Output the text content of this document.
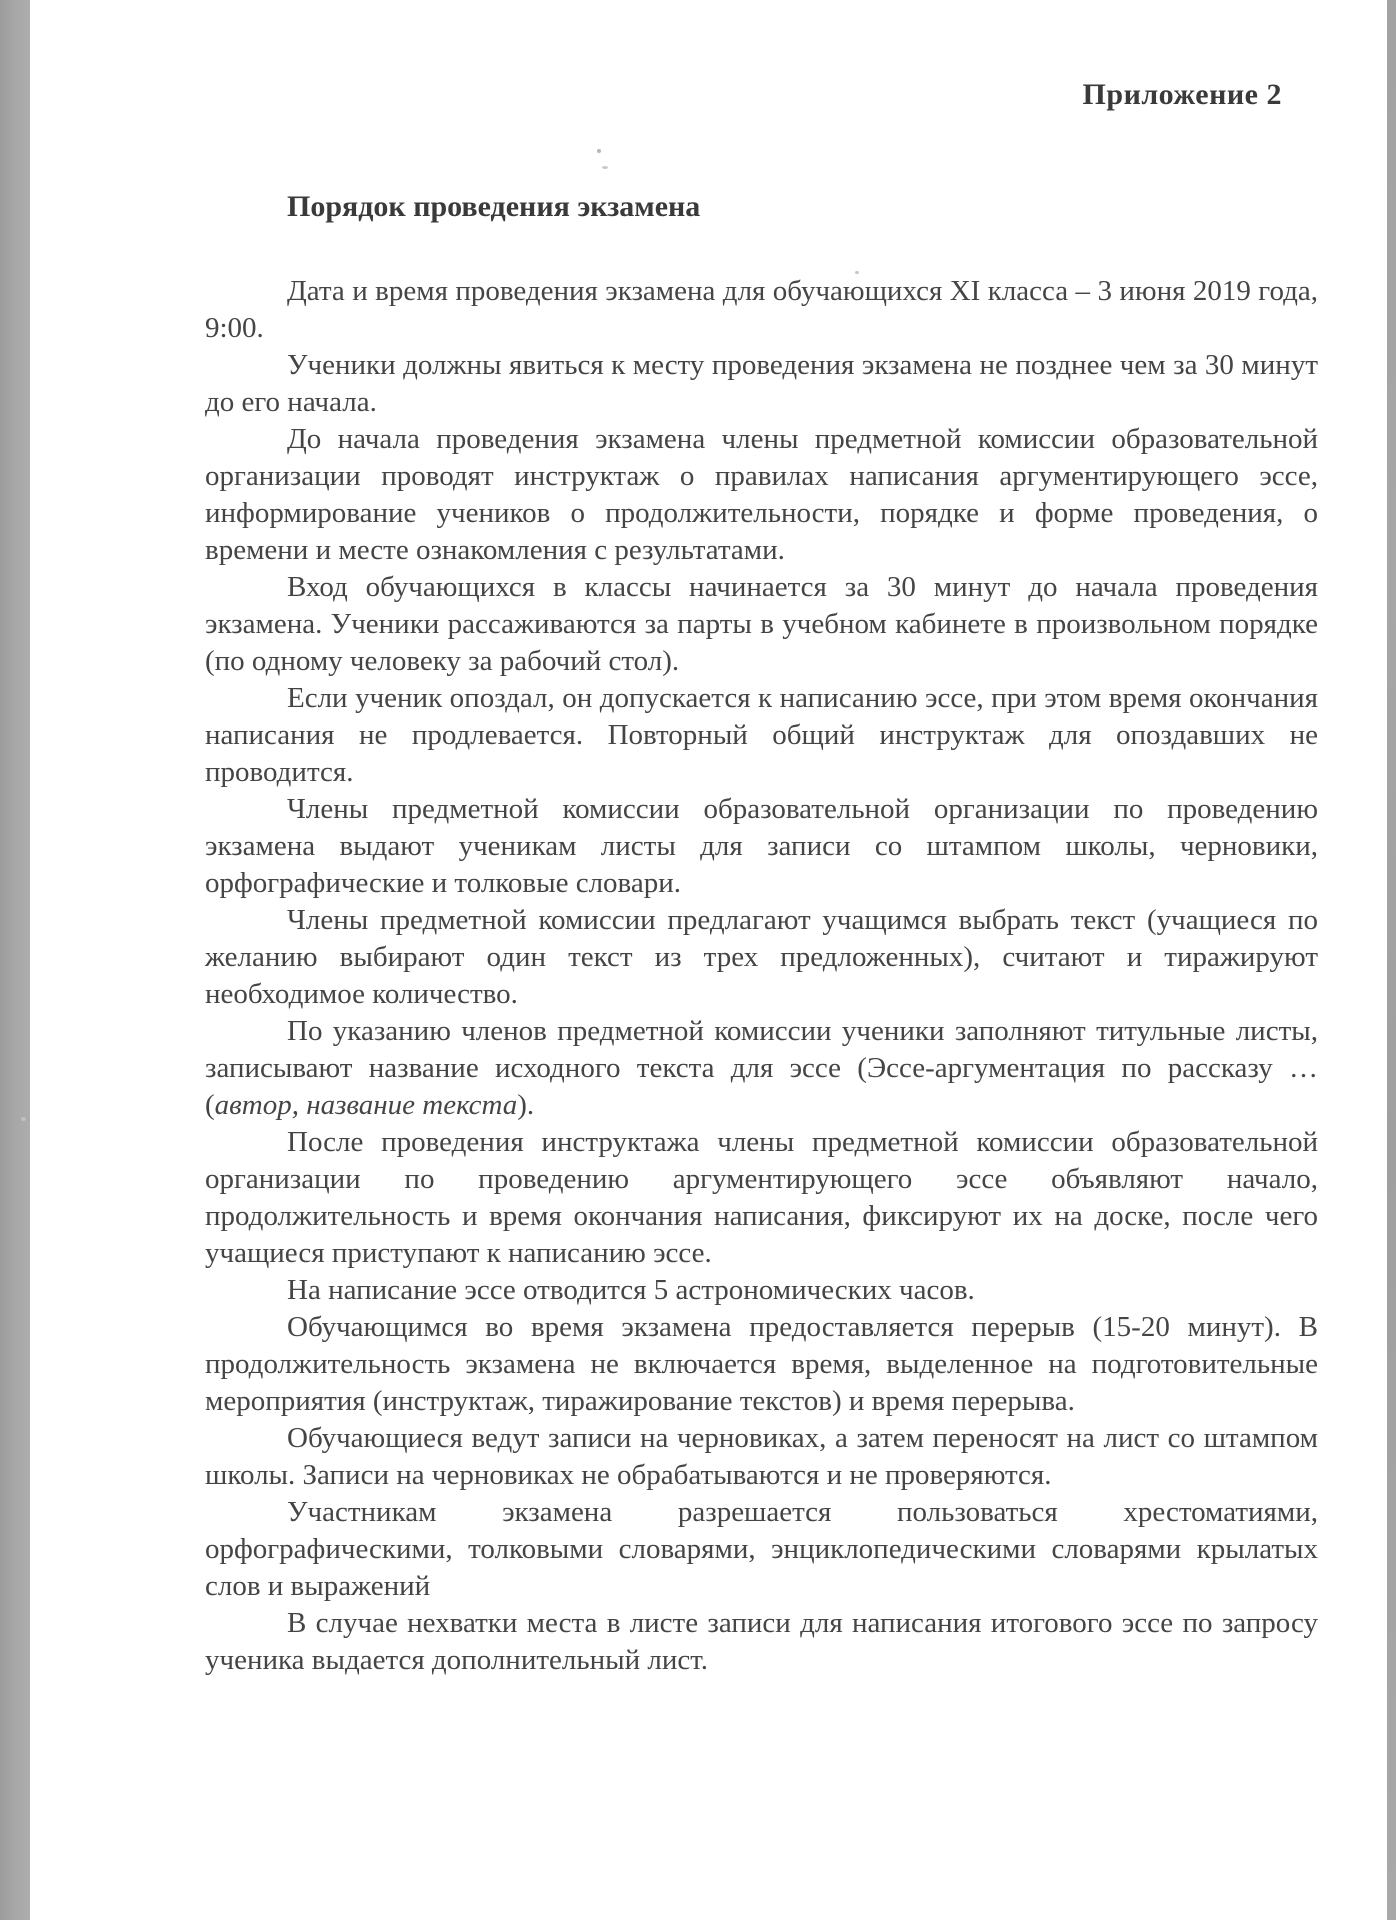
Приложение 2
Порядок проведения экзамена

Дата и время проведения экзамена для обучающихся XI класса – 3 июня 2019 года, 9:00.

Ученики должны явиться к месту проведения экзамена не позднее чем за 30 минут до его начала.

До начала проведения экзамена члены предметной комиссии образовательной организации проводят инструктаж о правилах написания аргументирующего эссе, информирование учеников о продолжительности, порядке и форме проведения, о времени и месте ознакомления с результатами.

Вход обучающихся в классы начинается за 30 минут до начала проведения экзамена. Ученики рассаживаются за парты в учебном кабинете в произвольном порядке (по одному человеку за рабочий стол).

Если ученик опоздал, он допускается к написанию эссе, при этом время окончания написания не продлевается. Повторный общий инструктаж для опоздавших не проводится.

Члены предметной комиссии образовательной организации по проведению экзамена выдают ученикам листы для записи со штампом школы, черновики, орфографические и толковые словари.

Члены предметной комиссии предлагают учащимся выбрать текст (учащиеся по желанию выбирают один текст из трех предложенных), считают и тиражируют необходимое количество.

По указанию членов предметной комиссии ученики заполняют титульные листы, записывают название исходного текста для эссе (Эссе-аргументация по рассказу … (автор, название текста).

После проведения инструктажа члены предметной комиссии образовательной организации по проведению аргументирующего эссе объявляют начало, продолжительность и время окончания написания, фиксируют их на доске, после чего учащиеся приступают к написанию эссе.

На написание эссе отводится 5 астрономических часов.

Обучающимся во время экзамена предоставляется перерыв (15-20 минут). В продолжительность экзамена не включается время, выделенное на подготовительные мероприятия (инструктаж, тиражирование текстов) и время перерыва.

Обучающиеся ведут записи на черновиках, а затем переносят на лист со штампом школы. Записи на черновиках не обрабатываются и не проверяются.

Участникам экзамена разрешается пользоваться хрестоматиями, орфографическими, толковыми словарями, энциклопедическими словарями крылатых слов и выражений

В случае нехватки места в листе записи для написания итогового эссе по запросу ученика выдается дополнительный лист.
